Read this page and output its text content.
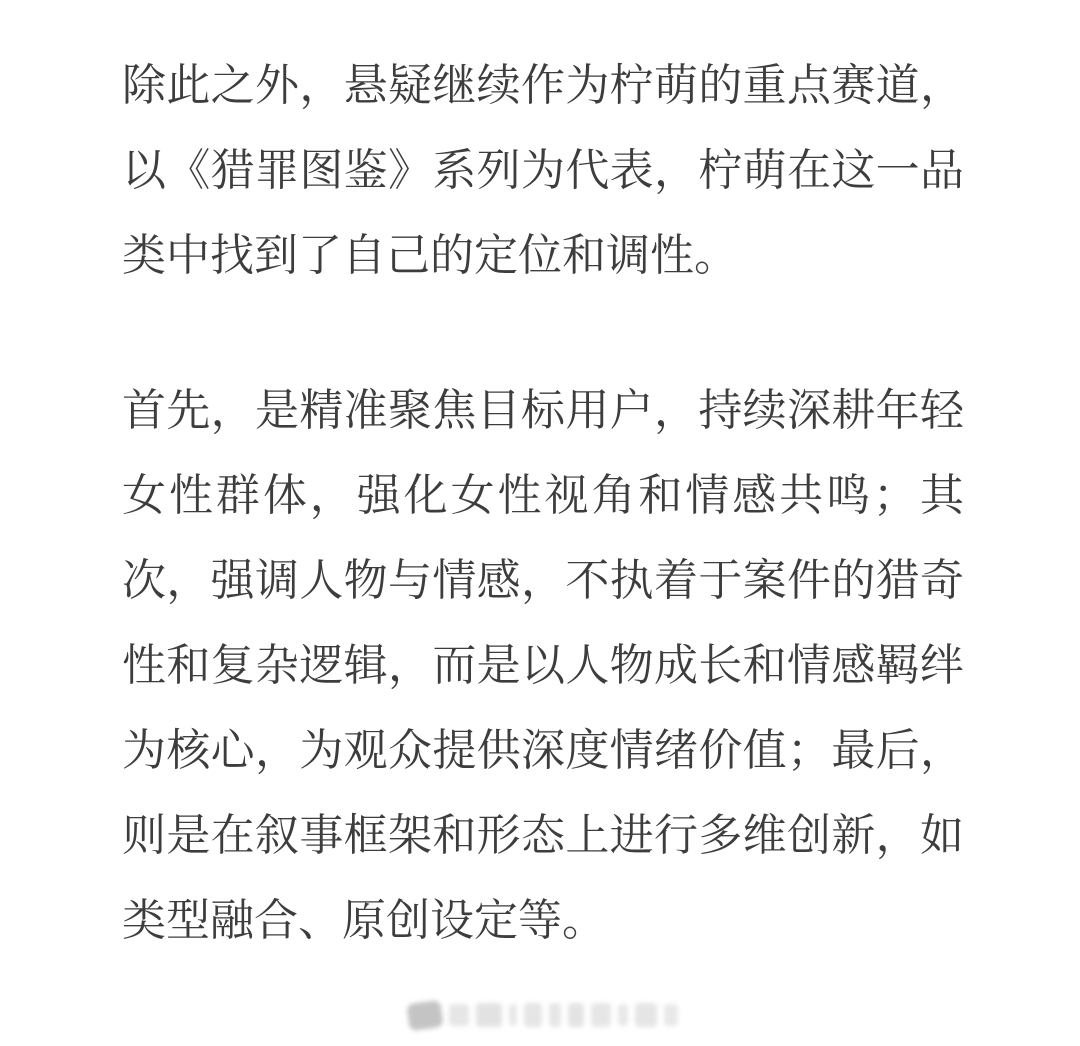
除此之外，悬疑继续作为柠萌的重点赛道，
以《猎罪图鉴》系列为代表，柠萌在这一品
类中找到了自己的定位和调性。
首先，是精准聚焦目标用户，持续深耕年轻
女性群体，强化女性视角和情感共鸣；其
次，强调人物与情感，不执着于案件的猎奇
性和复杂逻辑，而是以人物成长和情感羁绊
为核心，为观众提供深度情绪价值；最后，
则是在叙事框架和形态上进行多维创新，如
类型融合、原创设定等。
